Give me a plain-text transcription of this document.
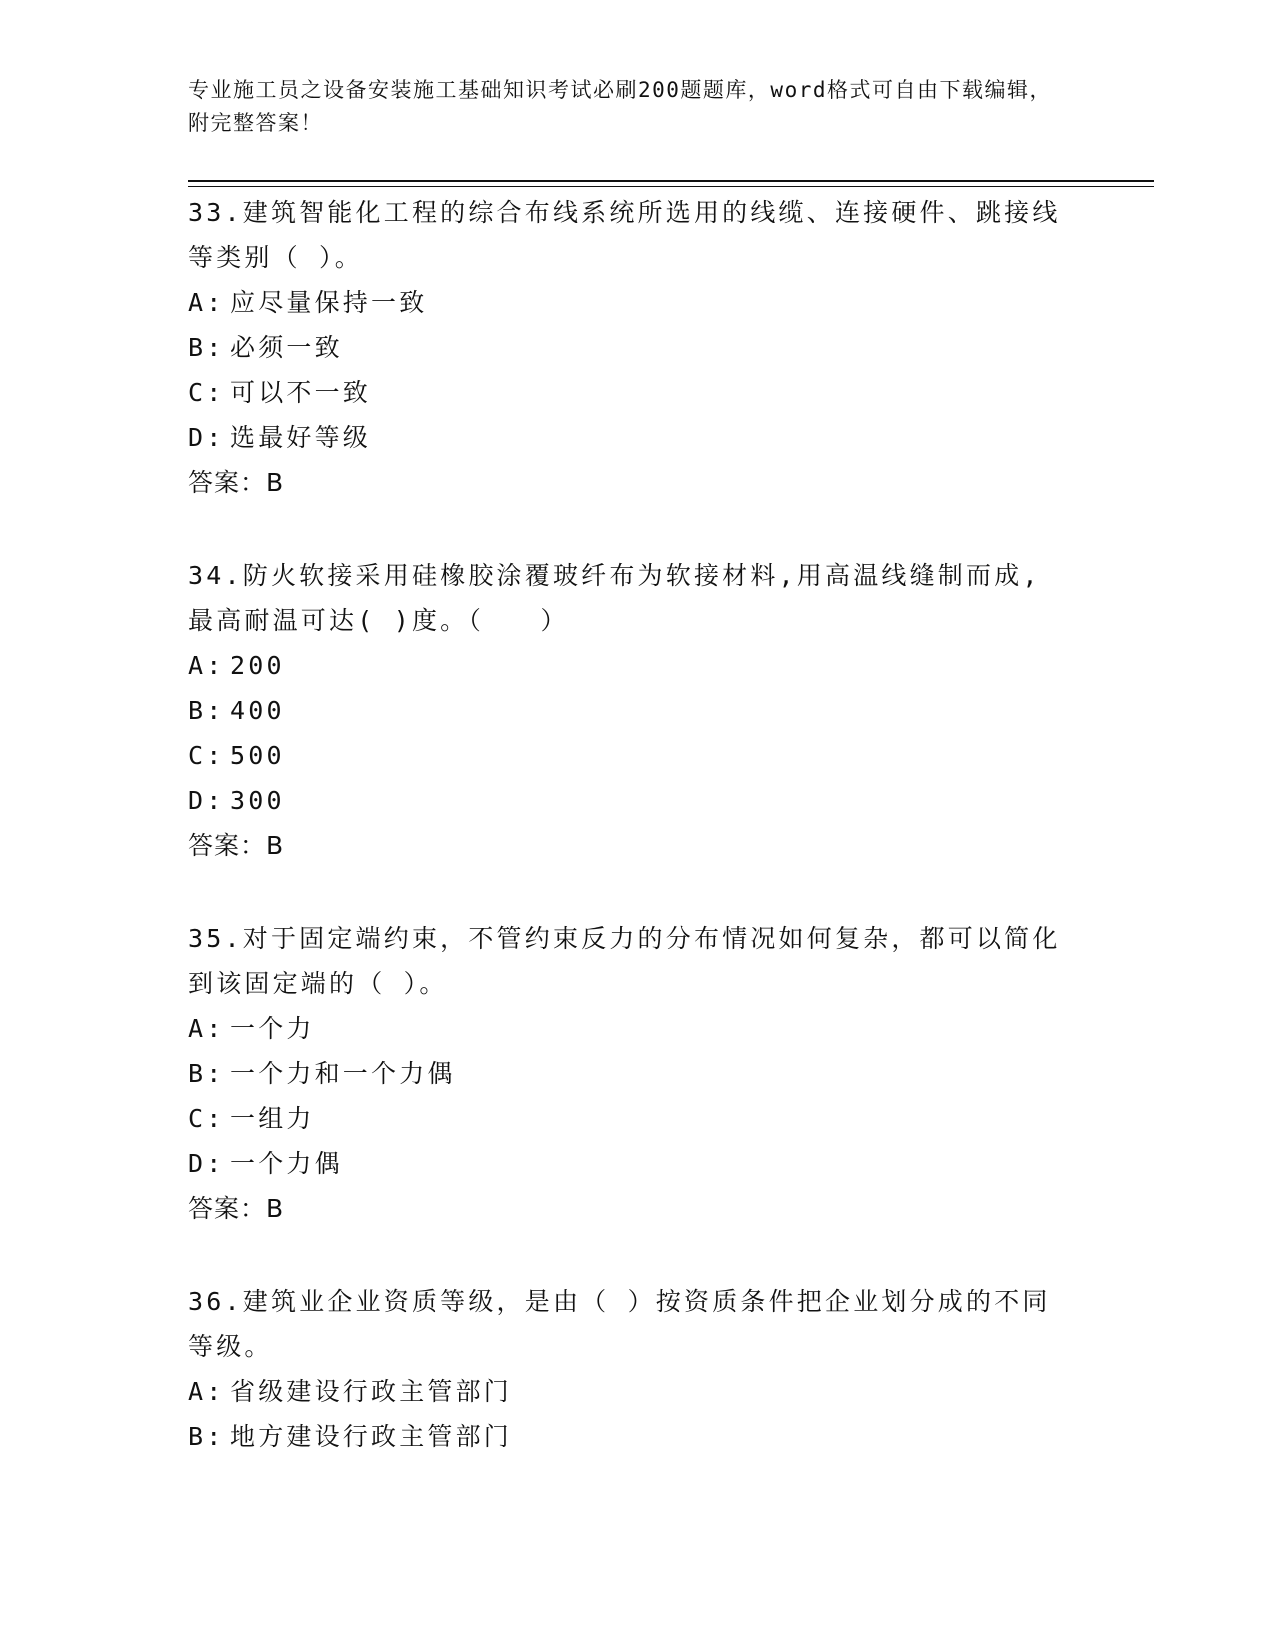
专业施工员之设备安装施工基础知识考试必刷200题题库，word格式可自由下载编辑，附完整答案！

33.建筑智能化工程的综合布线系统所选用的线缆、连接硬件、跳接线等类别（ ）。

A: 应尽量保持一致
B: 必须一致
C: 可以不一致
D: 选最好等级
答案：B

34.防火软接采用硅橡胶涂覆玻纤布为软接材料,用高温线缝制而成,最高耐温可达( )度。（　　）

A: 200
B: 400
C: 500
D: 300
答案：B

35.对于固定端约束，不管约束反力的分布情况如何复杂，都可以简化到该固定端的（ ）。

A: 一个力
B: 一个力和一个力偶
C: 一组力
D: 一个力偶
答案：B

36.建筑业企业资质等级，是由（ ）按资质条件把企业划分成的不同等级。

A: 省级建设行政主管部门
B: 地方建设行政主管部门
